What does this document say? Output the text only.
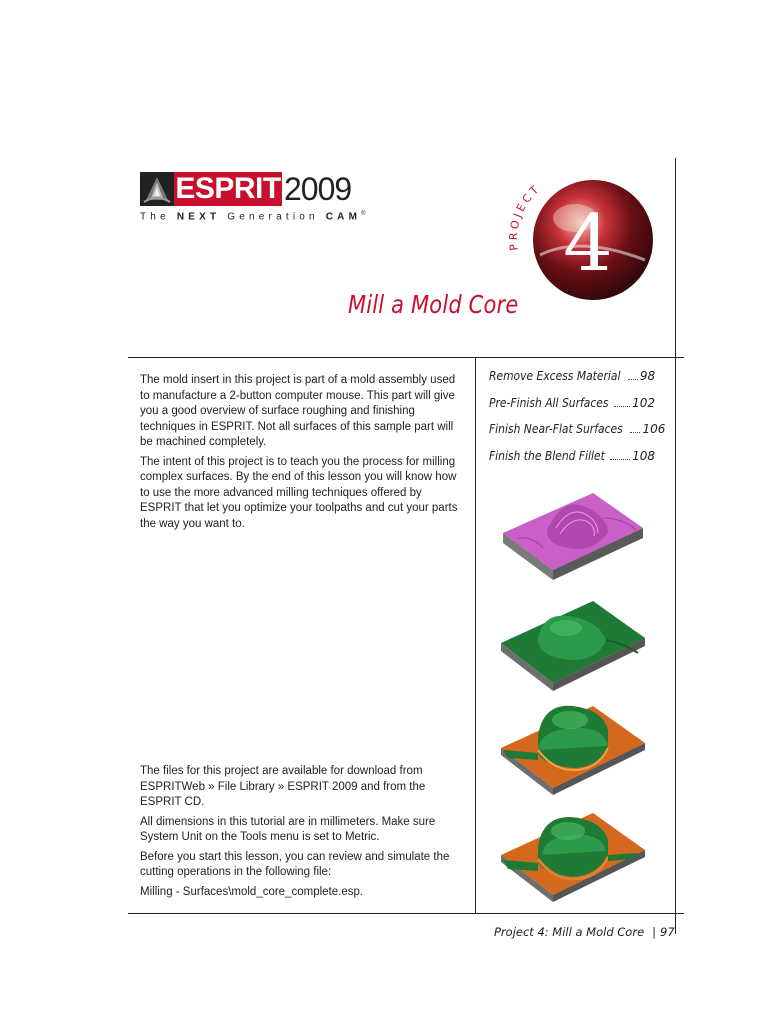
ESPRIT 2009
The NEXT Generation CAM®
PROJECT
4
Mill a Mold Core

The mold insert in this project is part of a mold assembly used to manufacture a 2-button computer mouse. This part will give you a good overview of surface roughing and finishing techniques in ESPRIT. Not all surfaces of this sample part will be machined completely.

The intent of this project is to teach you the process for milling complex surfaces. By the end of this lesson you will know how to use the more advanced milling techniques offered by ESPRIT that let you optimize your toolpaths and cut your parts the way you want to.

The files for this project are available for download from ESPRITWeb » File Library » ESPRIT 2009 and from the ESPRIT CD.

All dimensions in this tutorial are in millimeters. Make sure System Unit on the Tools menu is set to Metric.

Before you start this lesson, you can review and simulate the cutting operations in the following file:

Milling - Surfaces\mold_core_complete.esp.

Remove Excess Material 98
Pre-Finish All Surfaces 102
Finish Near-Flat Surfaces 106
Finish the Blend Fillet 108
Project 4: Mill a Mold Core | 97
